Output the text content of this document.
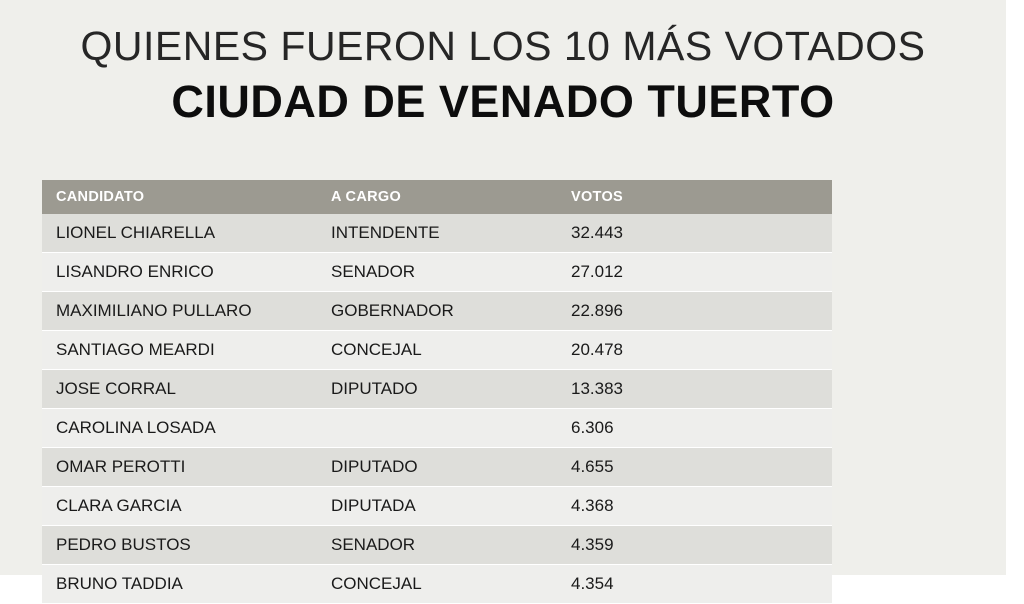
QUIENES FUERON LOS 10 MÁS VOTADOS
CIUDAD DE VENADO TUERTO
CANDIDATO	A CARGO	VOTOS
LIONEL CHIARELLA	INTENDENTE	32.443
LISANDRO ENRICO	SENADOR	27.012
MAXIMILIANO PULLARO	GOBERNADOR	22.896
SANTIAGO MEARDI	CONCEJAL	20.478
JOSE CORRAL	DIPUTADO	13.383
CAROLINA LOSADA		6.306
OMAR PEROTTI	DIPUTADO	4.655
CLARA GARCIA	DIPUTADA	4.368
PEDRO BUSTOS	SENADOR	4.359
BRUNO TADDIA	CONCEJAL	4.354
